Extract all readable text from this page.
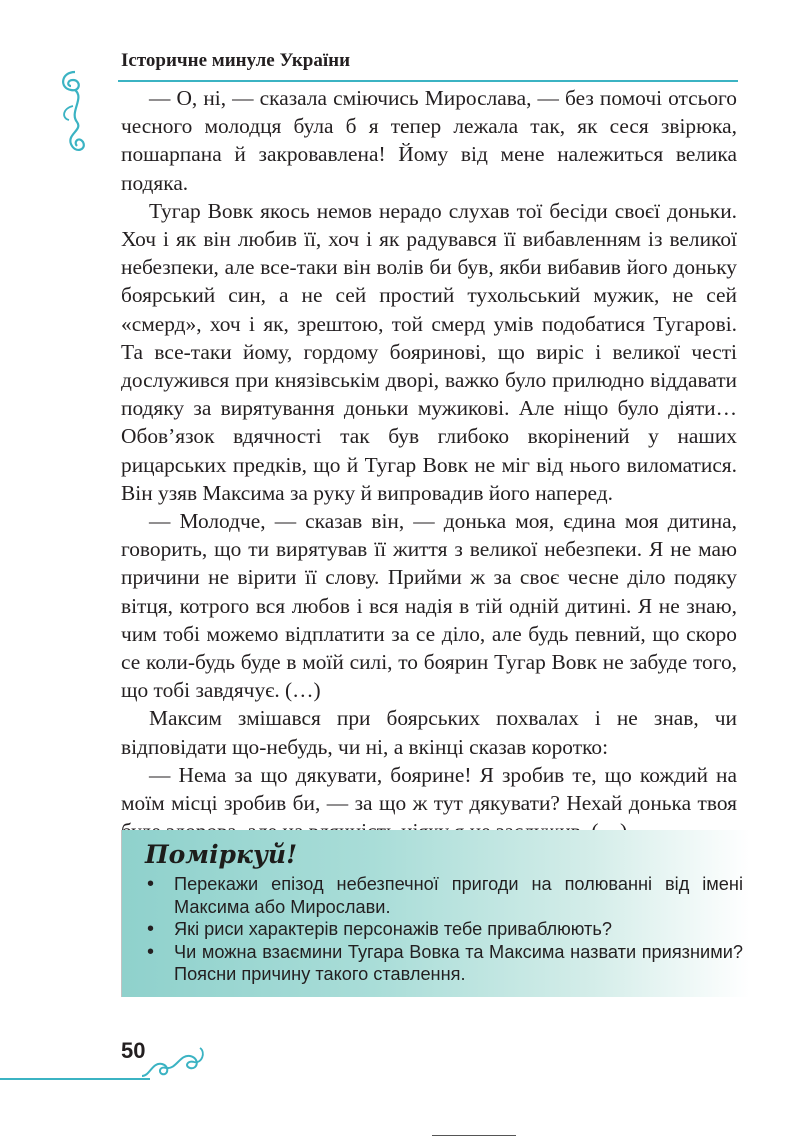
Історичне минуле України

— О, ні, — сказала сміючись Мирослава, — без помочі отсього чесного молодця була б я тепер лежала так, як сеся звірюка, пошарпана й закровавлена! Йому від мене належиться велика подяка.

Тугар Вовк якось немов нерадо слухав тої бесіди своєї доньки. Хоч і як він любив її, хоч і як радувався її вибавленням із великої небезпеки, але все-таки він волів би був, якби вибавив його доньку боярський син, а не сей простий тухольський мужик, не сей «смерд», хоч і як, зрештою, той смерд умів подобатися Тугарові. Та все-таки йому, гордому бояринові, що виріс і великої честі дослужився при князівськім дворі, важко було прилюдно віддавати подяку за вирятування доньки мужикові. Але нiщо було діяти… Обов’язок вдячності так був глибоко вкорінений у наших рицарських предків, що й Тугар Вовк не міг від нього виломатися. Він узяв Максима за руку й випровадив його наперед.

— Молодче, — сказав він, — донька моя, єдина моя дитина, говорить, що ти вирятував її життя з великої небезпеки. Я не маю причини не вірити її слову. Прийми ж за своє чесне діло подяку вітця, котрого вся любов і вся надія в тій одній дитині. Я не знаю, чим тобі можемо відплатити за се діло, але будь певний, що скоро се коли-будь буде в моїй силі, то боярин Тугар Вовк не забуде того, що тобі завдячує. (…)

Максим змішався при боярських похвалах і не знав, чи відповідати що-небудь, чи ні, а вкінці сказав коротко:

— Нема за що дякувати, бояринe! Я зробив те, що кождий на моїм місці зробив би, — за що ж тут дякувати? Нехай донька твоя

Поміркуй!
• Перекажи епізод небезпечної пригоди на полюванні від імені Максима або Мирослави.
• Які риси характерів персонажів тебе приваблюють?
• Чи можна взаємини Тугара Вовка та Максима назвати приязними? Поясни причину такого ставлення.
50
